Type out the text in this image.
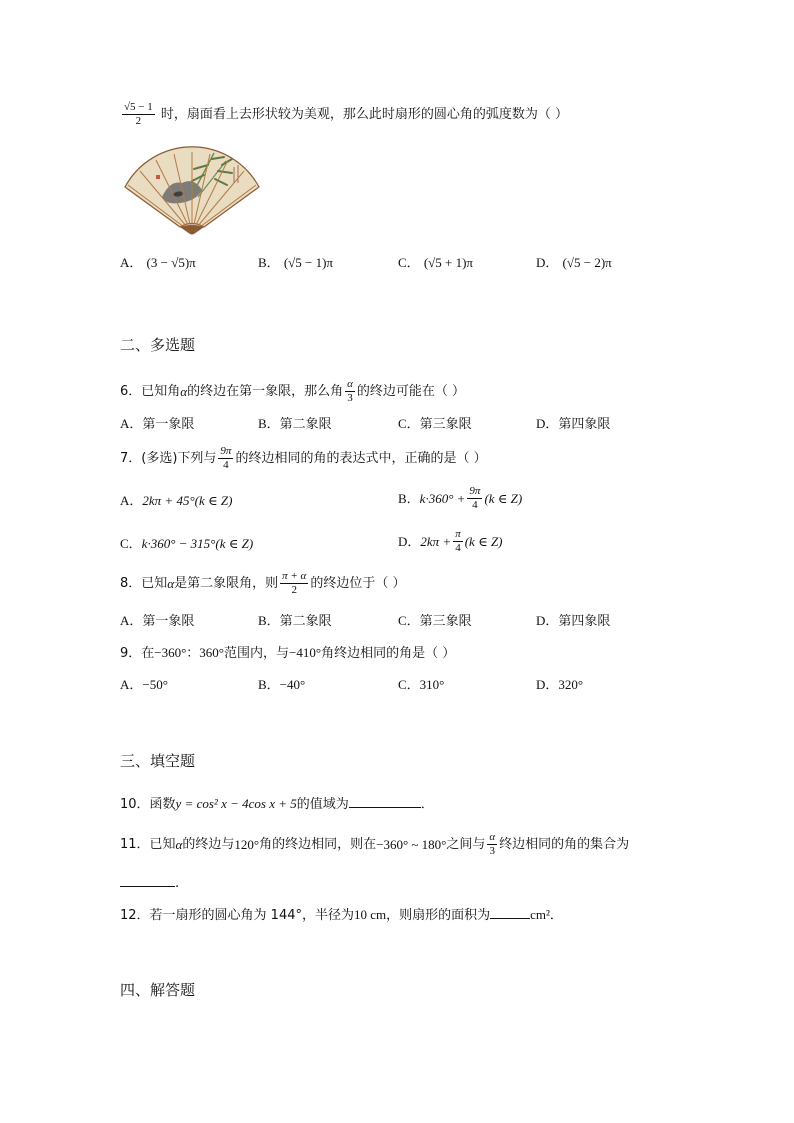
$\frac{√5 - 1}{2}$ 时，扇面看上去形状较为美观，那么此时扇形的圆心角的弧度数为（ ）
A． (3 − √5)π	B． (√5 − 1)π	C． (√5 + 1)π	D． (√5 − 2)π
二、多选题
6．已知角α的终边在第一象限，那么角 $\frac{\alpha}{3}$ 的终边可能在（ ）
A．第一象限	B．第二象限	C．第三象限	D．第四象限
7．(多选)下列与 $\frac{9\pi}{4}$ 的终边相同的角的表达式中，正确的是（ ）
A．2kπ + 45°(k ∈ Z)	B．$k\cdot 360^\circ + \frac{9\pi}{4} (k$ ∈ Z)
C．k·360° − 315°(k ∈ Z)	D．$2k\pi + \frac{\pi}{4} (k$ ∈ Z)
8．已知α是第二象限角，则 $\frac{\pi + \alpha}{2}$ 的终边位于（ ）
A．第一象限	B．第二象限	C．第三象限	D．第四象限
9．在−360°：360°范围内，与−410°角终边相同的角是（ ）
A．−50°	B．−40°	C．310°	D．320°
三、填空题
10．函数y = cos² x − 4cos x + 5的值域为	．
11．已知α的终边与120°角的终边相同，则在−360° ~ 180°之间与 $\frac{\alpha}{3}$ 终边相同的角的集合为
.
12．若一扇形的圆心角为 144°，半径为10 cm，则扇形的面积为	cm²．
四、解答题
